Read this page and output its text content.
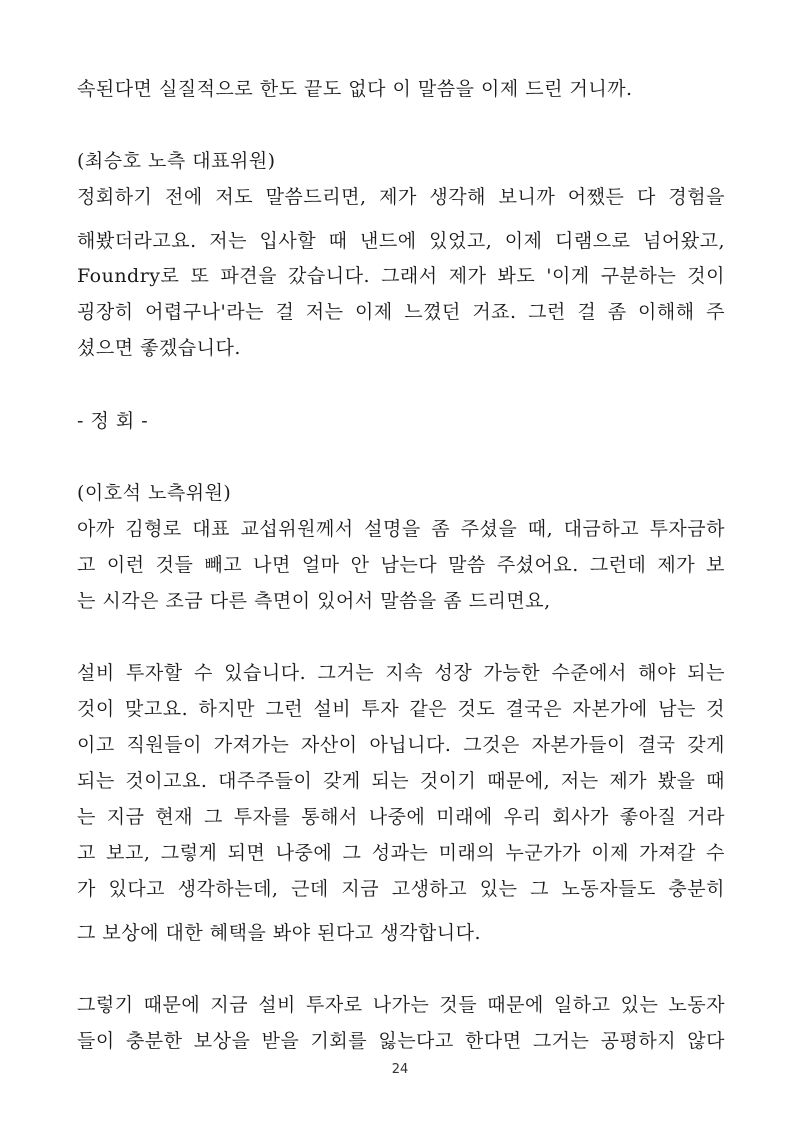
속된다면 실질적으로 한도 끝도 없다 이 말씀을 이제 드린 거니까.
(최승호 노측 대표위원)
정회하기 전에 저도 말씀드리면, 제가 생각해 보니까 어쨌든 다 경험을
해봤더라고요. 저는 입사할 때 낸드에 있었고, 이제 디램으로 넘어왔고,
Foundry로 또 파견을 갔습니다. 그래서 제가 봐도 '이게 구분하는 것이
굉장히 어렵구나'라는 걸 저는 이제 느꼈던 거죠. 그런 걸 좀 이해해 주
셨으면 좋겠습니다.
- 정 회 -
(이호석 노측위원)
아까 김형로 대표 교섭위원께서 설명을 좀 주셨을 때, 대금하고 투자금하
고 이런 것들 빼고 나면 얼마 안 남는다 말씀 주셨어요. 그런데 제가 보
는 시각은 조금 다른 측면이 있어서 말씀을 좀 드리면요,
설비 투자할 수 있습니다. 그거는 지속 성장 가능한 수준에서 해야 되는
것이 맞고요. 하지만 그런 설비 투자 같은 것도 결국은 자본가에 남는 것
이고 직원들이 가져가는 자산이 아닙니다. 그것은 자본가들이 결국 갖게
되는 것이고요. 대주주들이 갖게 되는 것이기 때문에, 저는 제가 봤을 때
는 지금 현재 그 투자를 통해서 나중에 미래에 우리 회사가 좋아질 거라
고 보고, 그렇게 되면 나중에 그 성과는 미래의 누군가가 이제 가져갈 수
가 있다고 생각하는데, 근데 지금 고생하고 있는 그 노동자들도 충분히
그 보상에 대한 혜택을 봐야 된다고 생각합니다.
그렇기 때문에 지금 설비 투자로 나가는 것들 때문에 일하고 있는 노동자
들이 충분한 보상을 받을 기회를 잃는다고 한다면 그거는 공평하지 않다
24
